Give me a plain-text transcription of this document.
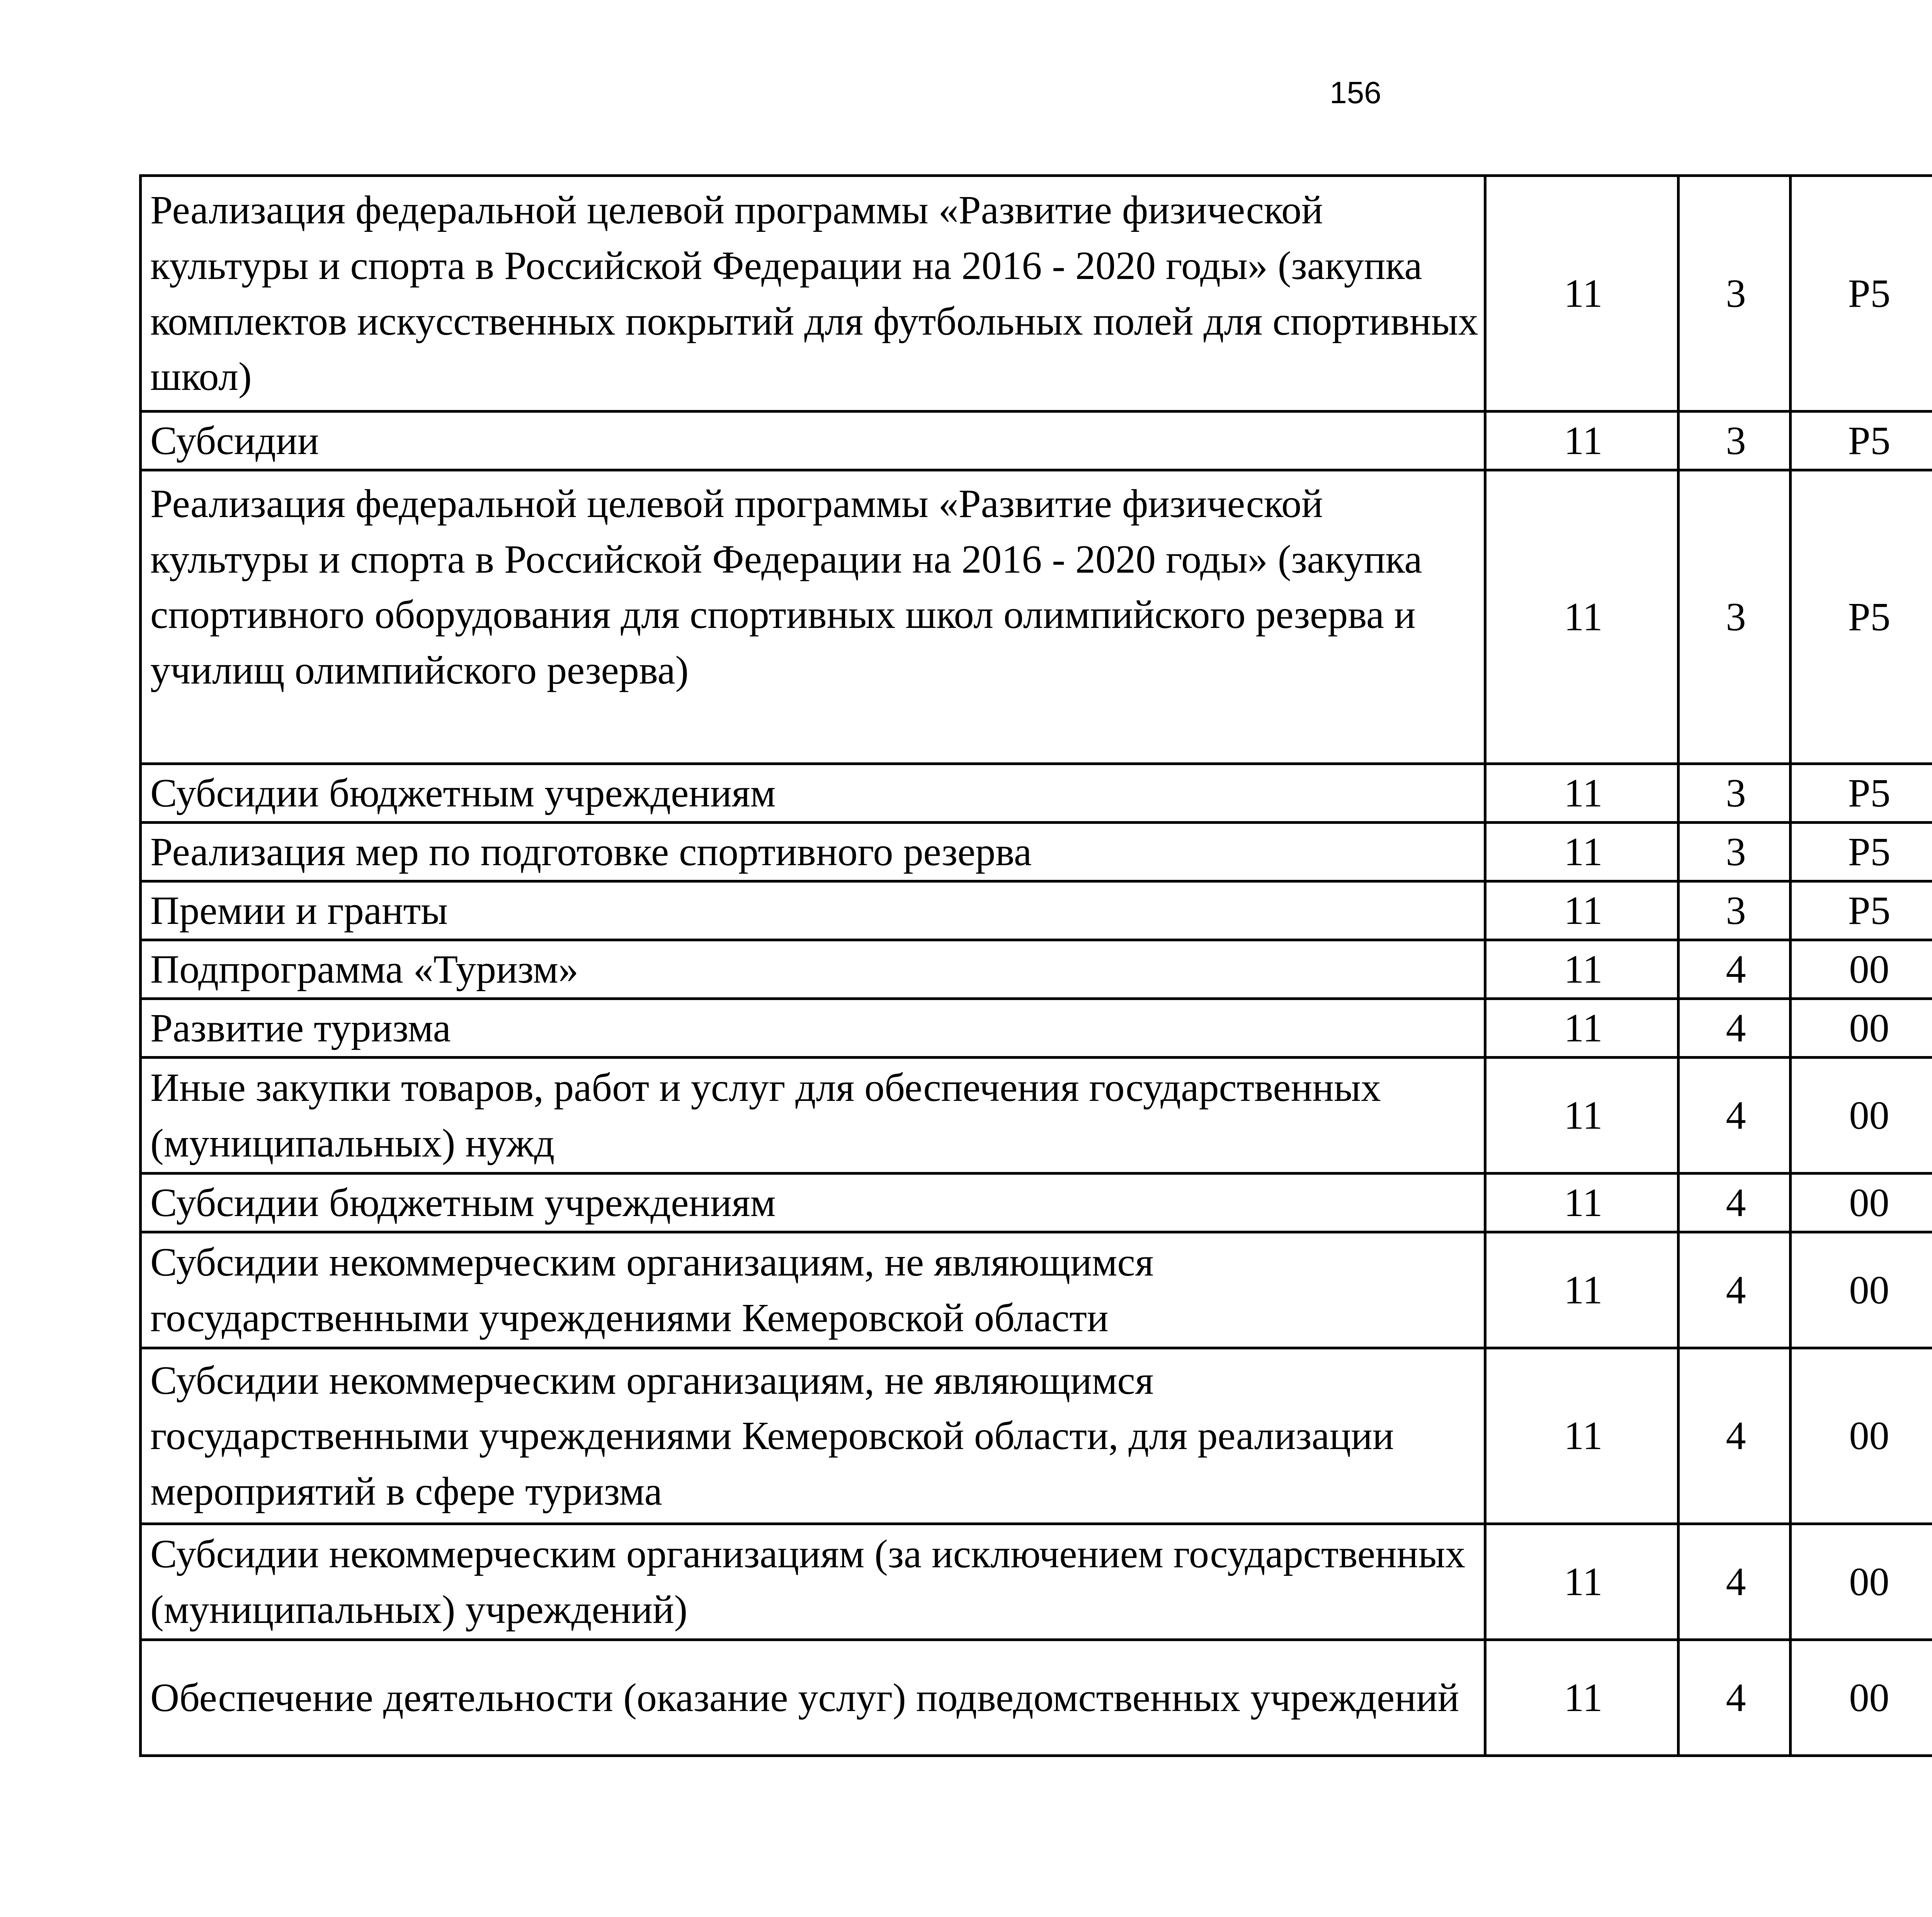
156
Реализация федеральной целевой программы «Развитие физической культуры и спорта в Российской Федерации на 2016 - 2020 годы» (закупка комплектов искусственных покрытий для футбольных полей для спортивных школ)	11	3	Р5			
Субсидии	11	3	Р5			
Реализация федеральной целевой программы «Развитие физической культуры и спорта в Российской Федерации на 2016 - 2020 годы» (закупка спортивного оборудования для спортивных школ олимпийского резерва и училищ олимпийского резерва)	11	3	Р5			
Субсидии бюджетным учреждениям	11	3	Р5			
Реализация мер по подготовке спортивного резерва	11	3	Р5			
Премии и гранты	11	3	Р5			
Подпрограмма «Туризм»	11	4	00			
Развитие туризма	11	4	00			
Иные закупки товаров, работ и услуг для обеспечения государственных (муниципальных) нужд	11	4	00			
Субсидии бюджетным учреждениям	11	4	00			
Субсидии некоммерческим организациям, не являющимся государственными учреждениями Кемеровской области	11	4	00			
Субсидии некоммерческим организациям, не являющимся государственными учреждениями Кемеровской области, для реализации мероприятий в сфере туризма	11	4	00			
Субсидии некоммерческим организациям (за исключением государственных (муниципальных) учреждений)	11	4	00			
Обеспечение деятельности (оказание услуг) подведомственных учреждений	11	4	00			
